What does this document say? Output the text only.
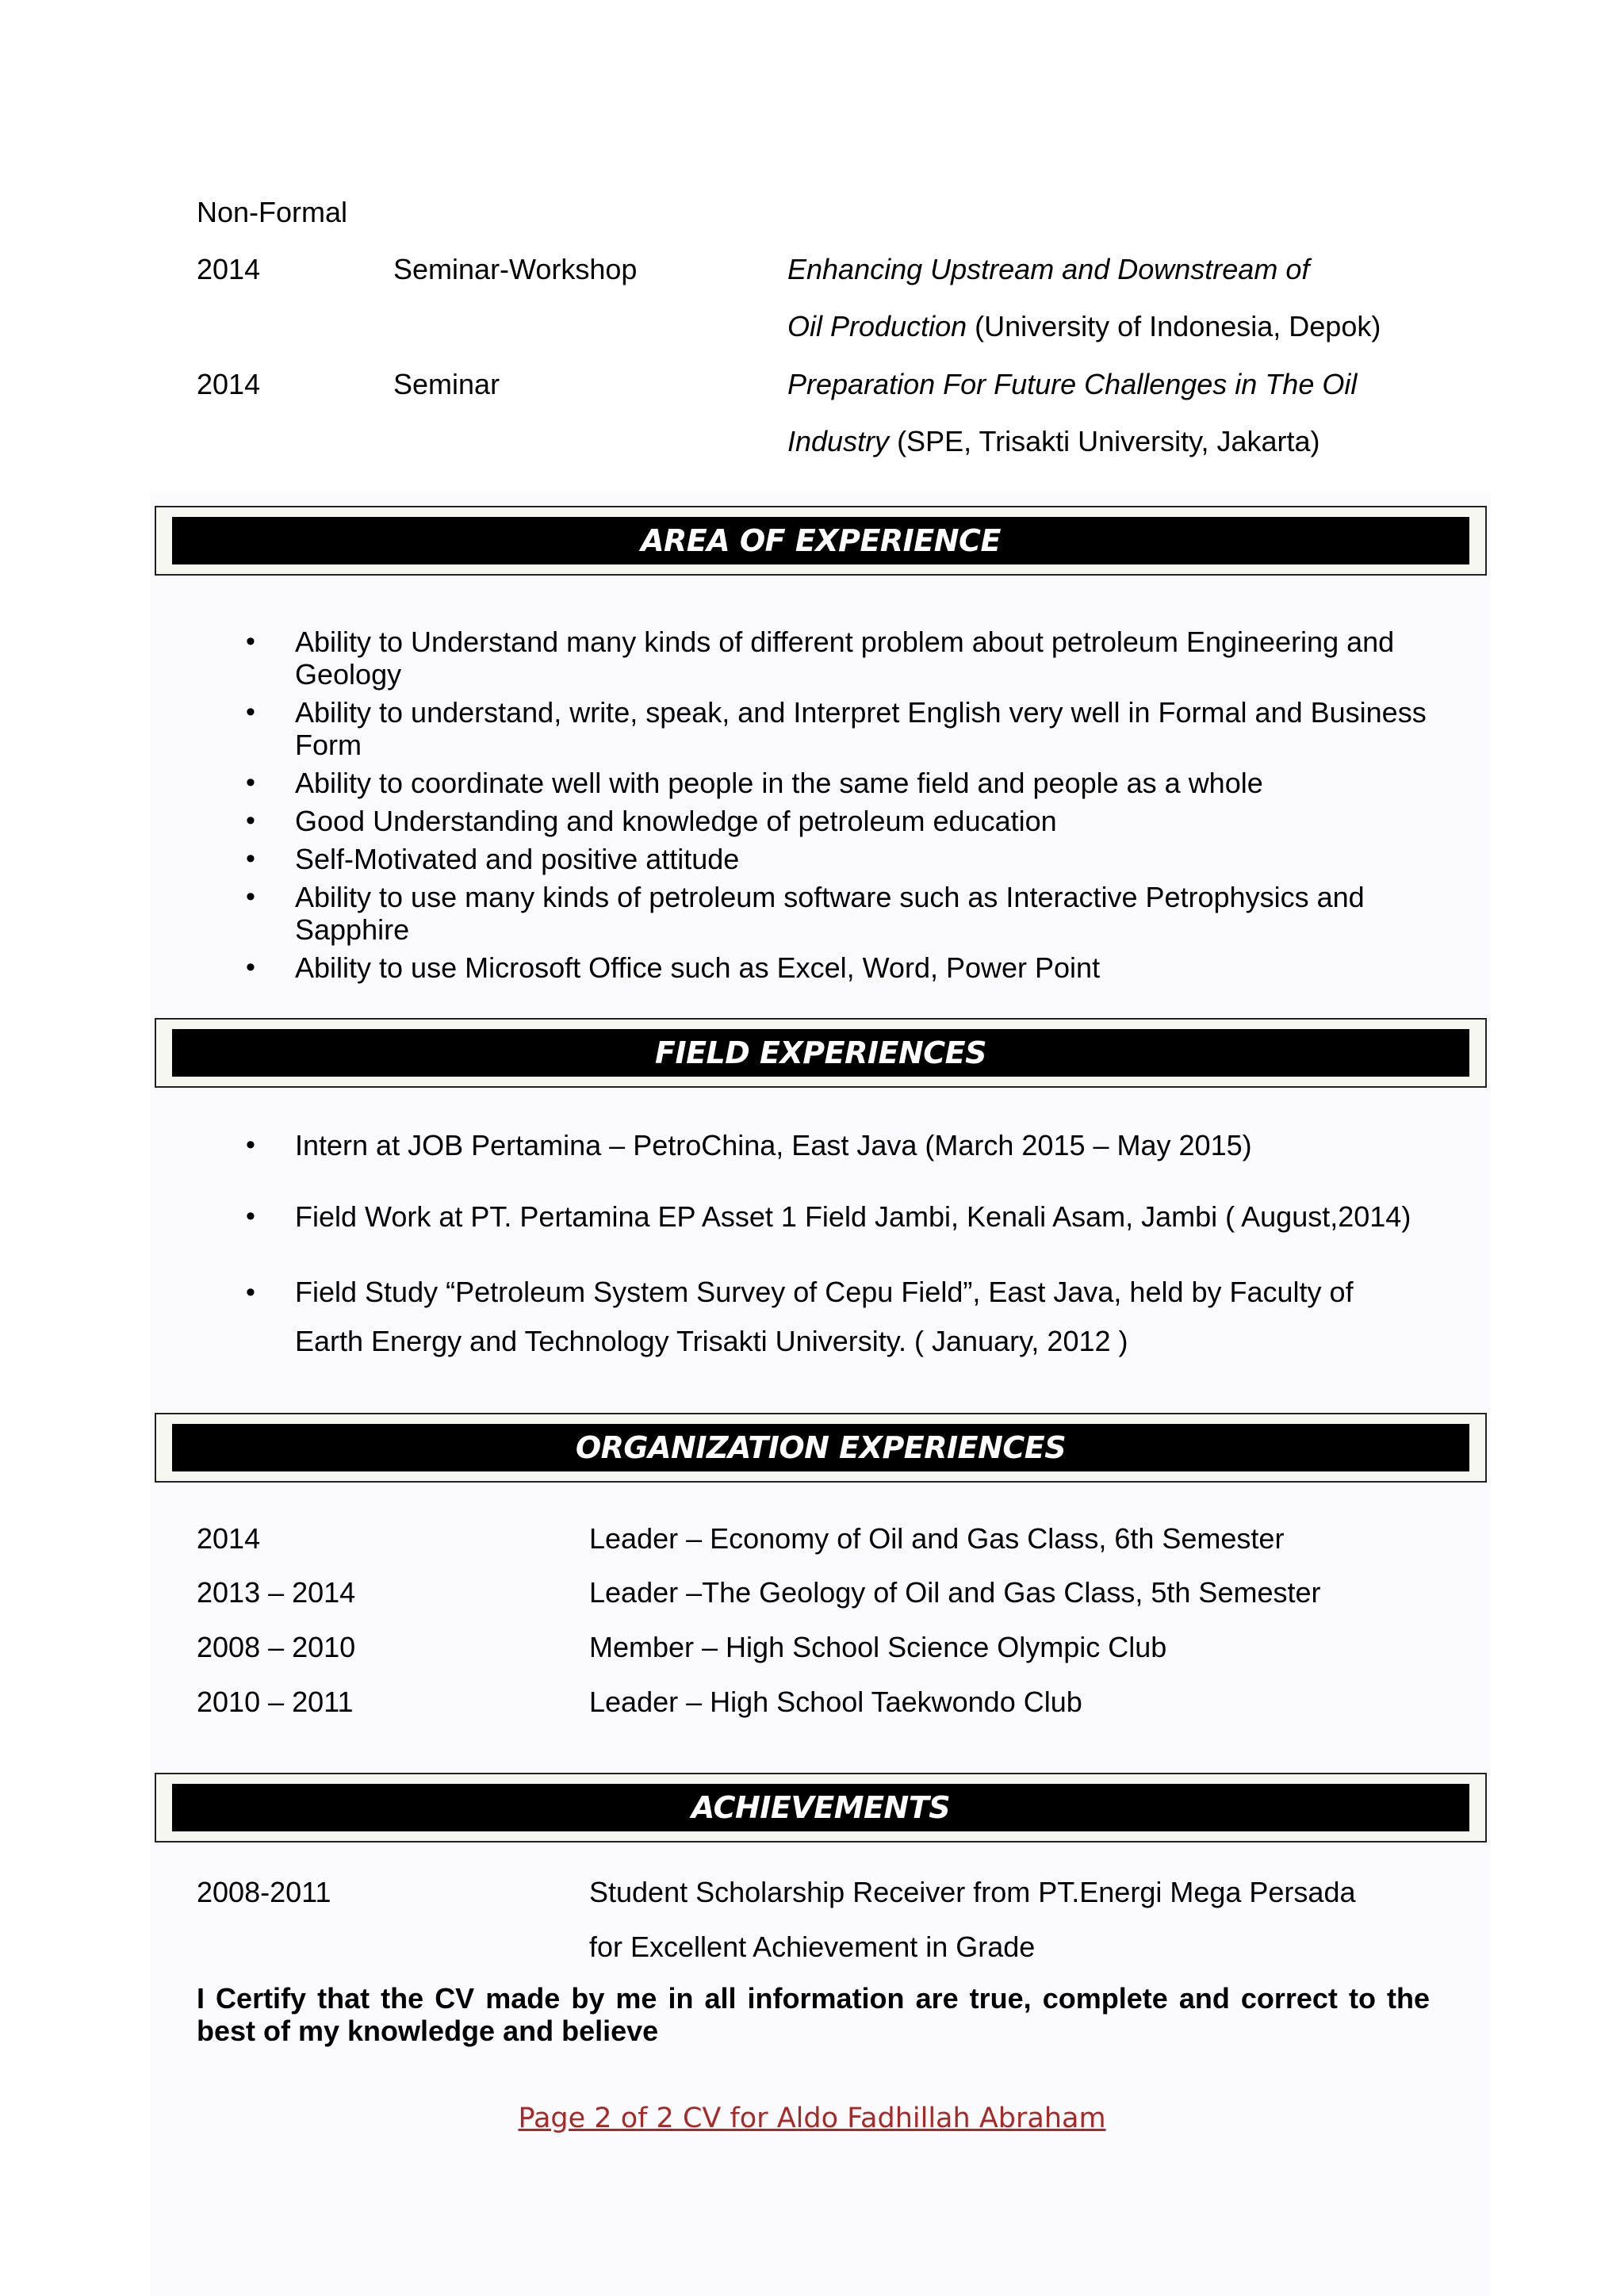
Non-Formal
2014	Seminar-Workshop	Enhancing Upstream and Downstream of
Oil Production (University of Indonesia, Depok)
2014	Seminar	Preparation For Future Challenges in The Oil
Industry (SPE, Trisakti University, Jakarta)
AREA OF EXPERIENCE
• Ability to Understand many kinds of different problem about petroleum Engineering and Geology
• Ability to understand, write, speak, and Interpret English very well in Formal and Business Form
• Ability to coordinate well with people in the same field and people as a whole
• Good Understanding and knowledge of petroleum education
• Self-Motivated and positive attitude
• Ability to use many kinds of petroleum software such as Interactive Petrophysics and Sapphire
• Ability to use Microsoft Office such as Excel, Word, Power Point
FIELD EXPERIENCES
• Intern at JOB Pertamina – PetroChina, East Java (March 2015 – May 2015)
• Field Work at PT. Pertamina EP Asset 1 Field Jambi, Kenali Asam, Jambi ( August,2014)
• Field Study “Petroleum System Survey of Cepu Field”, East Java, held by Faculty of
Earth Energy and Technology Trisakti University. ( January, 2012 )
ORGANIZATION EXPERIENCES
2014	Leader – Economy of Oil and Gas Class, 6th Semester
2013 – 2014	Leader –The Geology of Oil and Gas Class, 5th Semester
2008 – 2010	Member – High School Science Olympic Club
2010 – 2011	Leader – High School Taekwondo Club
ACHIEVEMENTS
2008-2011	Student Scholarship Receiver from PT.Energi Mega Persada
for Excellent Achievement in Grade
I Certify that the CV made by me in all information are true, complete and correct to the best of my knowledge and believe
Page 2 of 2 CV for Aldo Fadhillah Abraham
